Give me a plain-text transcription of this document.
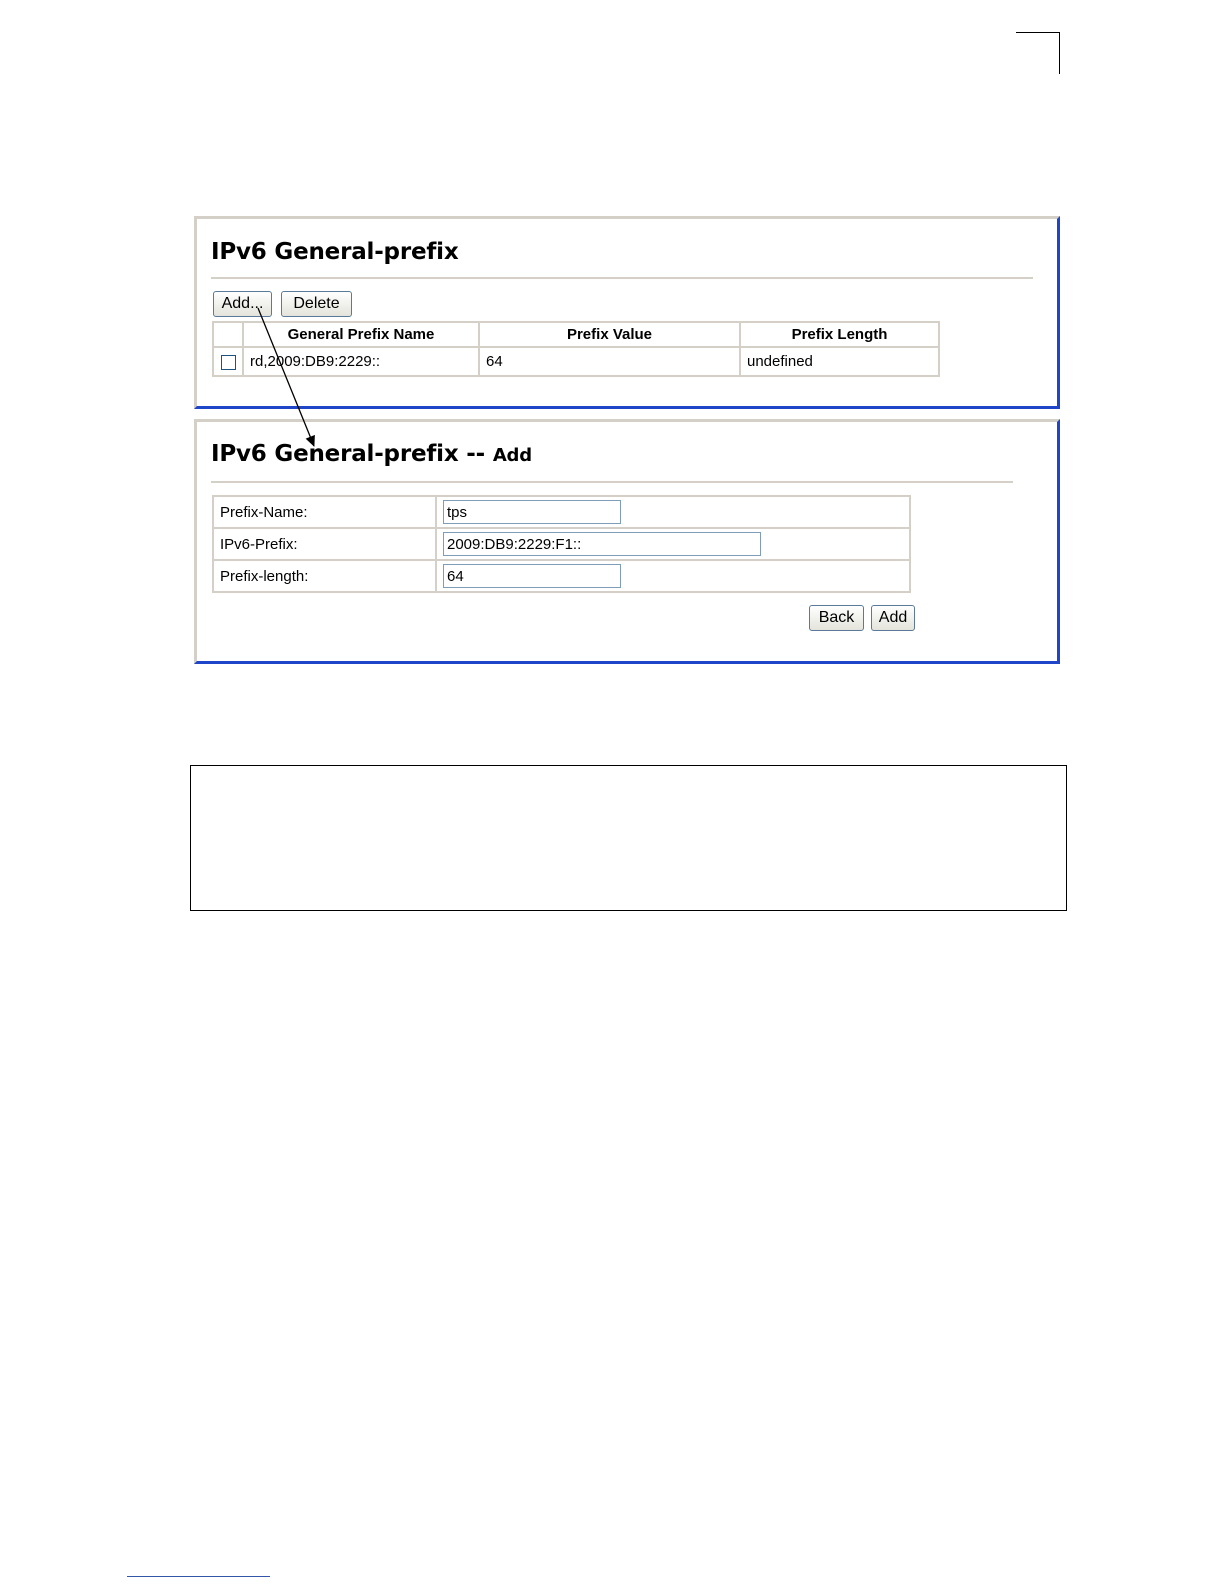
IPv6 General-prefix
Add...	Delete
	General Prefix Name	Prefix Value	Prefix Length
	rd,2009:DB9:2229::	64	undefined
IPv6 General-prefix -- Add
Prefix-Name:	tps
IPv6-Prefix:	2009:DB9:2229:F1::
Prefix-length:	64
Back	Add
